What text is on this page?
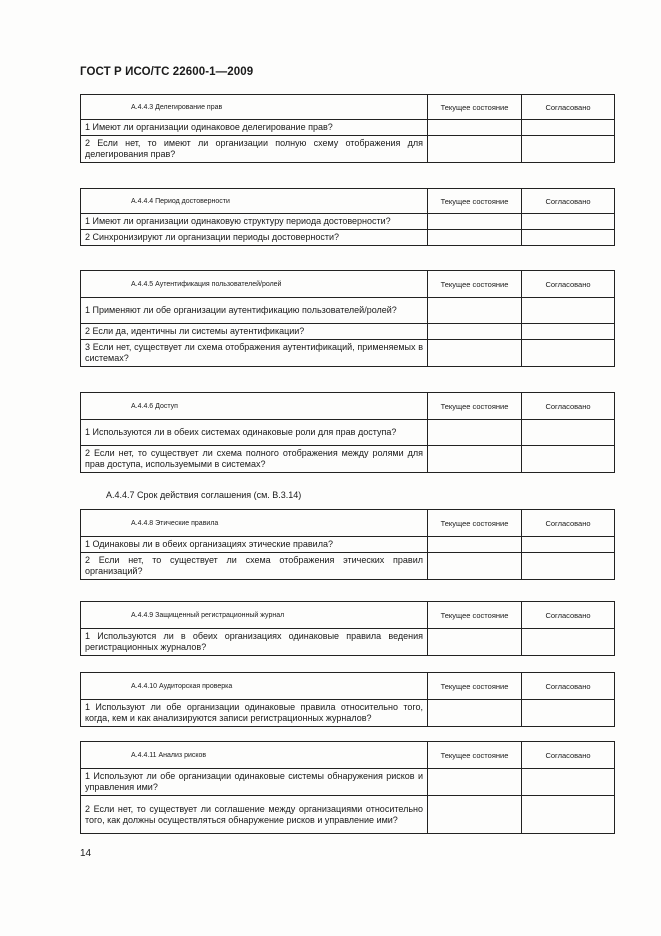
ГОСТ Р ИСО/ТС 22600-1—2009
A.4.4.3 Делегирование прав	Текущее состояние	Согласовано
1 Имеют ли организации одинаковое делегирование прав?		
2 Если нет, то имеют ли организации полную схему отображения для делегирования прав?		
A.4.4.4 Период достоверности	Текущее состояние	Согласовано
1 Имеют ли организации одинаковую структуру периода достоверности?		
2 Синхронизируют ли организации периоды достоверности?		
A.4.4.5 Аутентификация пользователей/ролей	Текущее состояние	Согласовано
1 Применяют ли обе организации аутентификацию пользователей/ролей?		
2 Если да, идентичны ли системы аутентификации?		
3 Если нет, существует ли схема отображения аутентификаций, применяемых в системах?		
A.4.4.6 Доступ	Текущее состояние	Согласовано
1 Используются ли в обеих системах одинаковые роли для прав доступа?		
2 Если нет, то существует ли схема полного отображения между ролями для прав доступа, используемыми в системах?		
A.4.4.7 Срок действия соглашения (см. B.3.14)
A.4.4.8 Этические правила	Текущее состояние	Согласовано
1 Одинаковы ли в обеих организациях этические правила?		
2 Если нет, то существует ли схема отображения этических правил организаций?		
A.4.4.9 Защищенный регистрационный журнал	Текущее состояние	Согласовано
1 Используются ли в обеих организациях одинаковые правила ведения регистрационных журналов?		
A.4.4.10 Аудиторская проверка	Текущее состояние	Согласовано
1 Используют ли обе организации одинаковые правила относительно того, когда, кем и как анализируются записи регистрационных журналов?		
A.4.4.11 Анализ рисков	Текущее состояние	Согласовано
1 Используют ли обе организации одинаковые системы обнаружения рисков и управления ими?		
2 Если нет, то существует ли соглашение между организациями относительно того, как должны осуществляться обнаружение рисков и управление ими?		
14
